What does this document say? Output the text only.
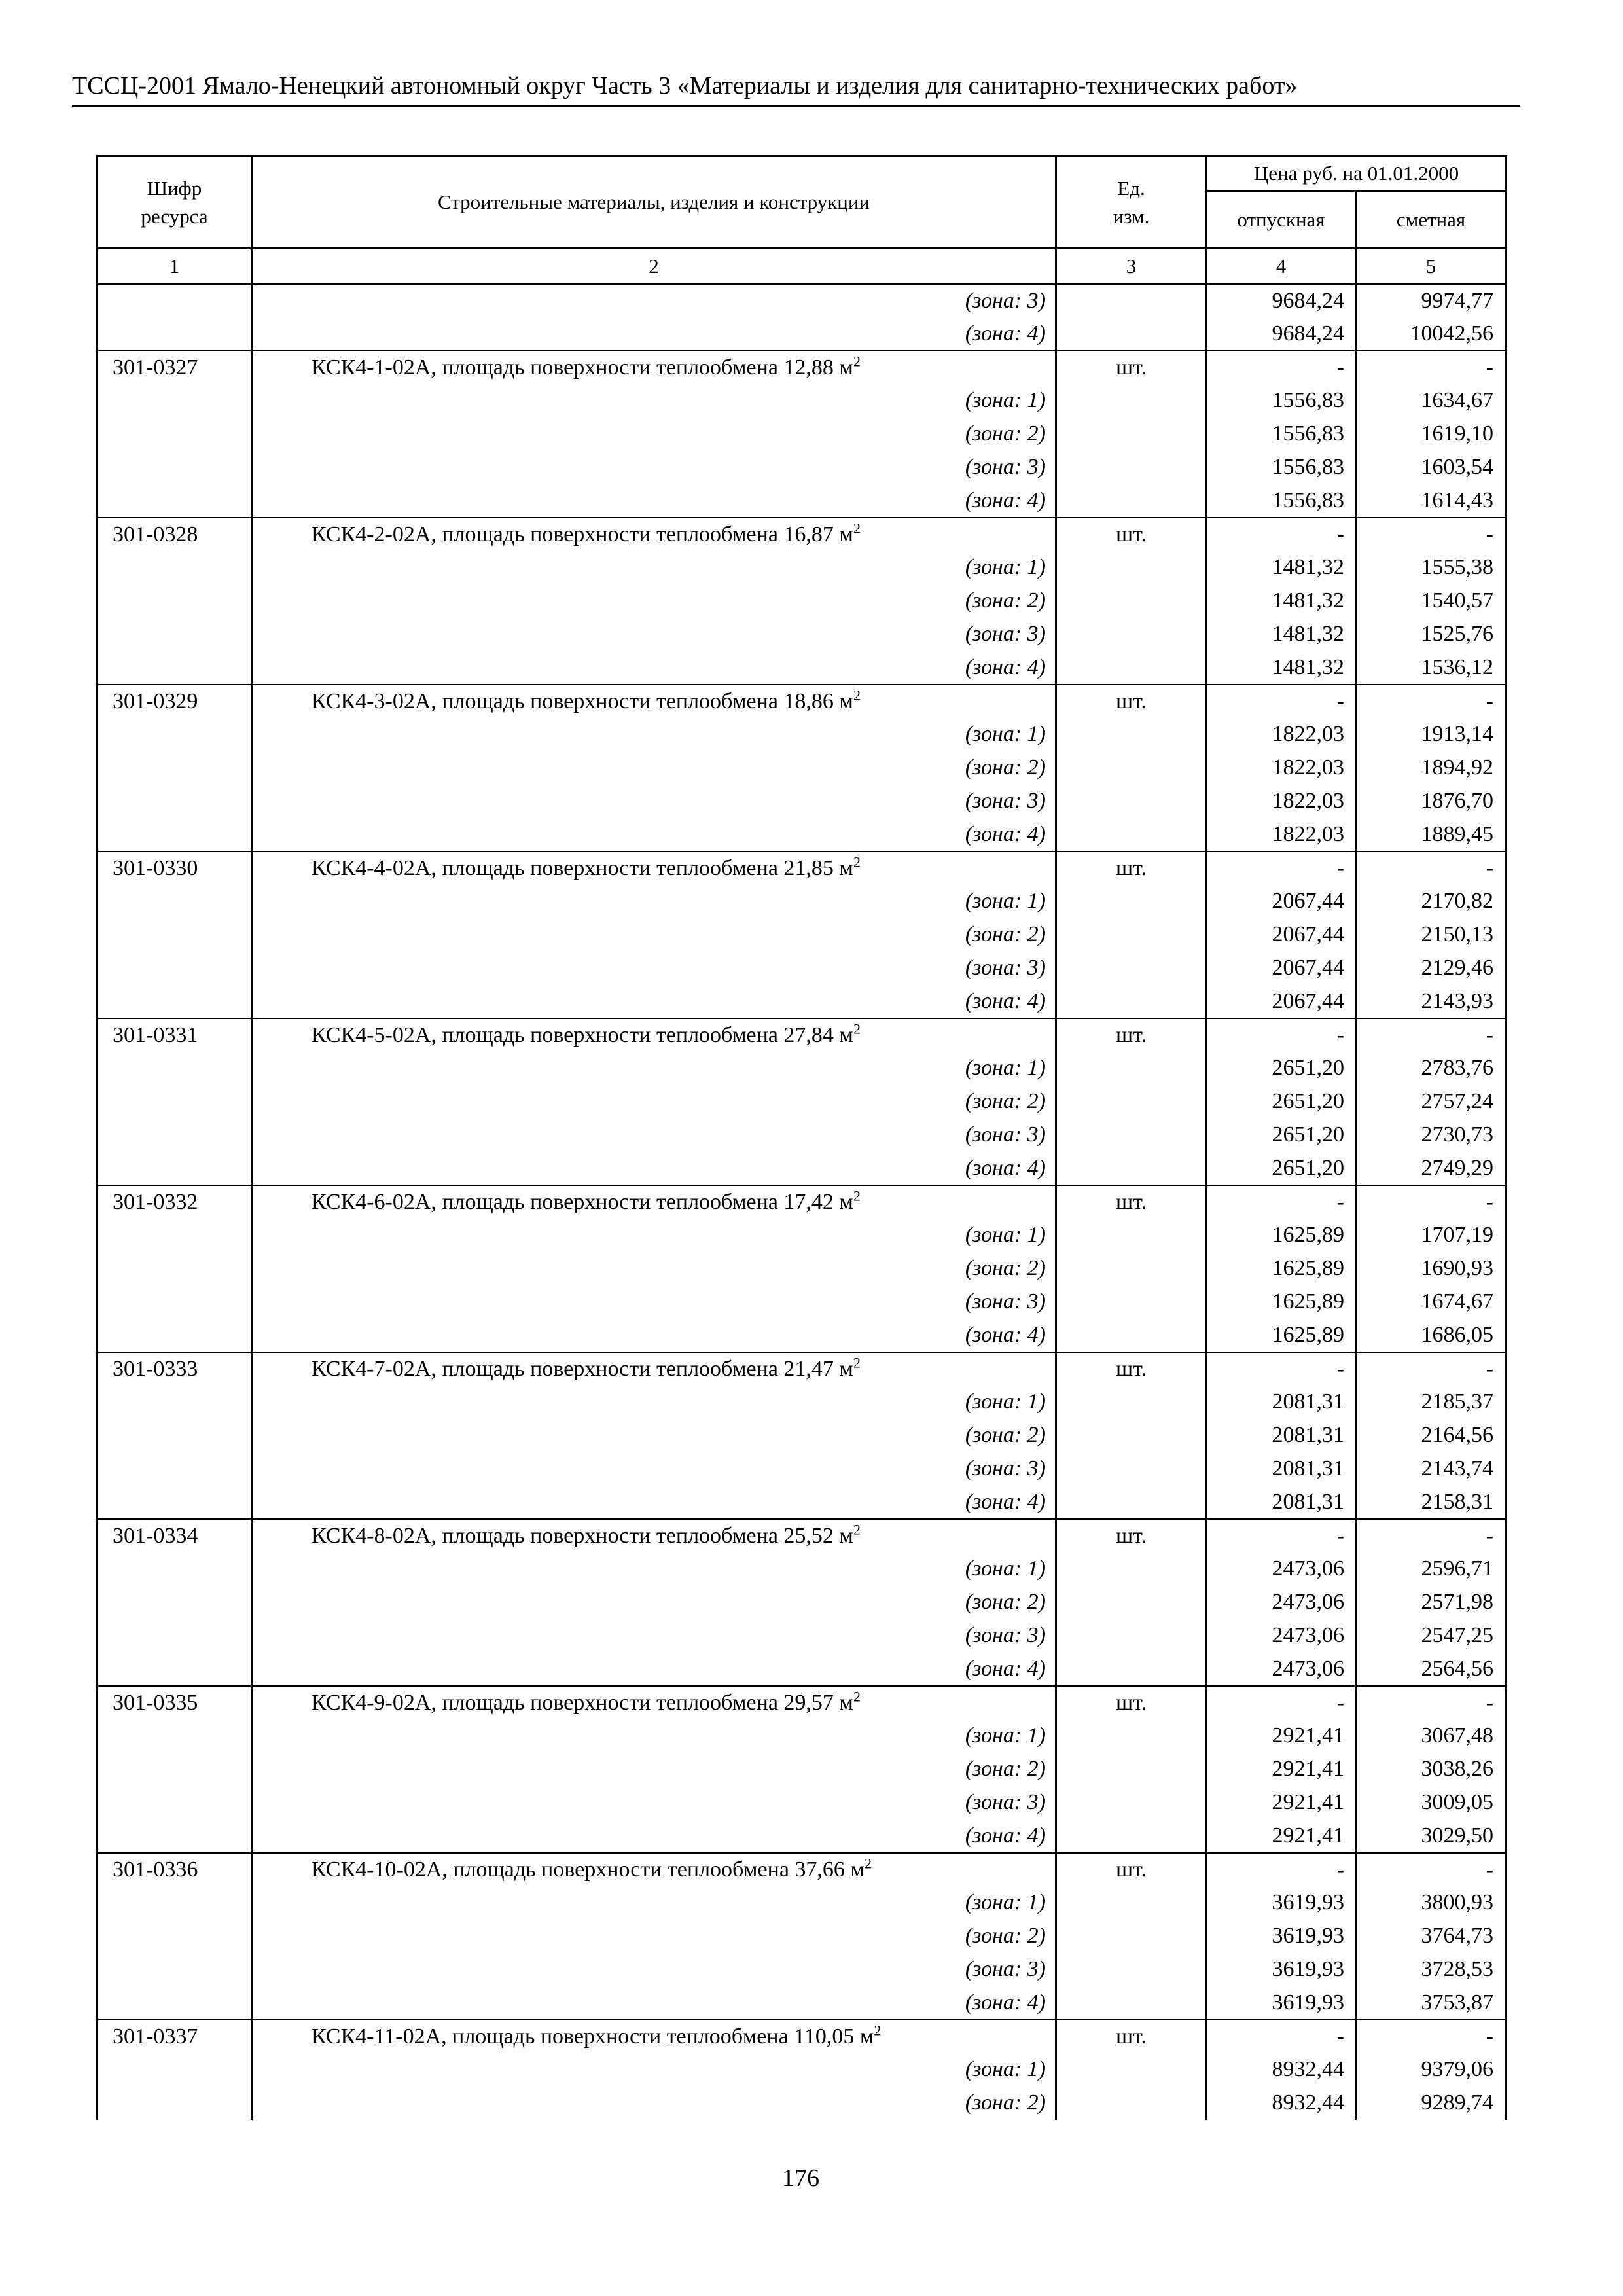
ТССЦ-2001 Ямало-Ненецкий автономный округ Часть 3 «Материалы и изделия для санитарно-технических работ»
Шифр ресурса	Строительные материалы, изделия и конструкции	Ед. изм.	Цена руб. на 01.01.2000	
			отпускная	сметная
1	2	3	4	5
	(зона: 3)		9684,24	9974,77
	(зона: 4)		9684,24	10042,56
301-0327	КСК4-1-02А, площадь поверхности теплообмена 12,88 $м^2$	шт.	-	-
	(зона: 1)		1556,83	1634,67
	(зона: 2)		1556,83	1619,10
	(зона: 3)		1556,83	1603,54
	(зона: 4)		1556,83	1614,43
301-0328	КСК4-2-02А, площадь поверхности теплообмена 16,87 $м^2$	шт.	-	-
	(зона: 1)		1481,32	1555,38
	(зона: 2)		1481,32	1540,57
	(зона: 3)		1481,32	1525,76
	(зона: 4)		1481,32	1536,12
301-0329	КСК4-3-02А, площадь поверхности теплообмена 18,86 $м^2$	шт.	-	-
	(зона: 1)		1822,03	1913,14
	(зона: 2)		1822,03	1894,92
	(зона: 3)		1822,03	1876,70
	(зона: 4)		1822,03	1889,45
301-0330	КСК4-4-02А, площадь поверхности теплообмена 21,85 $м^2$	шт.	-	-
	(зона: 1)		2067,44	2170,82
	(зона: 2)		2067,44	2150,13
	(зона: 3)		2067,44	2129,46
	(зона: 4)		2067,44	2143,93
301-0331	КСК4-5-02А, площадь поверхности теплообмена 27,84 $м^2$	шт.	-	-
	(зона: 1)		2651,20	2783,76
	(зона: 2)		2651,20	2757,24
	(зона: 3)		2651,20	2730,73
	(зона: 4)		2651,20	2749,29
301-0332	КСК4-6-02А, площадь поверхности теплообмена 17,42 $м^2$	шт.	-	-
	(зона: 1)		1625,89	1707,19
	(зона: 2)		1625,89	1690,93
	(зона: 3)		1625,89	1674,67
	(зона: 4)		1625,89	1686,05
301-0333	КСК4-7-02А, площадь поверхности теплообмена 21,47 $м^2$	шт.	-	-
	(зона: 1)		2081,31	2185,37
	(зона: 2)		2081,31	2164,56
	(зона: 3)		2081,31	2143,74
	(зона: 4)		2081,31	2158,31
301-0334	КСК4-8-02А, площадь поверхности теплообмена 25,52 $м^2$	шт.	-	-
	(зона: 1)		2473,06	2596,71
	(зона: 2)		2473,06	2571,98
	(зона: 3)		2473,06	2547,25
	(зона: 4)		2473,06	2564,56
301-0335	КСК4-9-02А, площадь поверхности теплообмена 29,57 $м^2$	шт.	-	-
	(зона: 1)		2921,41	3067,48
	(зона: 2)		2921,41	3038,26
	(зона: 3)		2921,41	3009,05
	(зона: 4)		2921,41	3029,50
301-0336	КСК4-10-02А, площадь поверхности теплообмена 37,66 $м^2$	шт.	-	-
	(зона: 1)		3619,93	3800,93
	(зона: 2)		3619,93	3764,73
	(зона: 3)		3619,93	3728,53
	(зона: 4)		3619,93	3753,87
301-0337	КСК4-11-02А, площадь поверхности теплообмена 110,05 $м^2$	шт.	-	-
	(зона: 1)		8932,44	9379,06
	(зона: 2)		8932,44	9289,74
176
